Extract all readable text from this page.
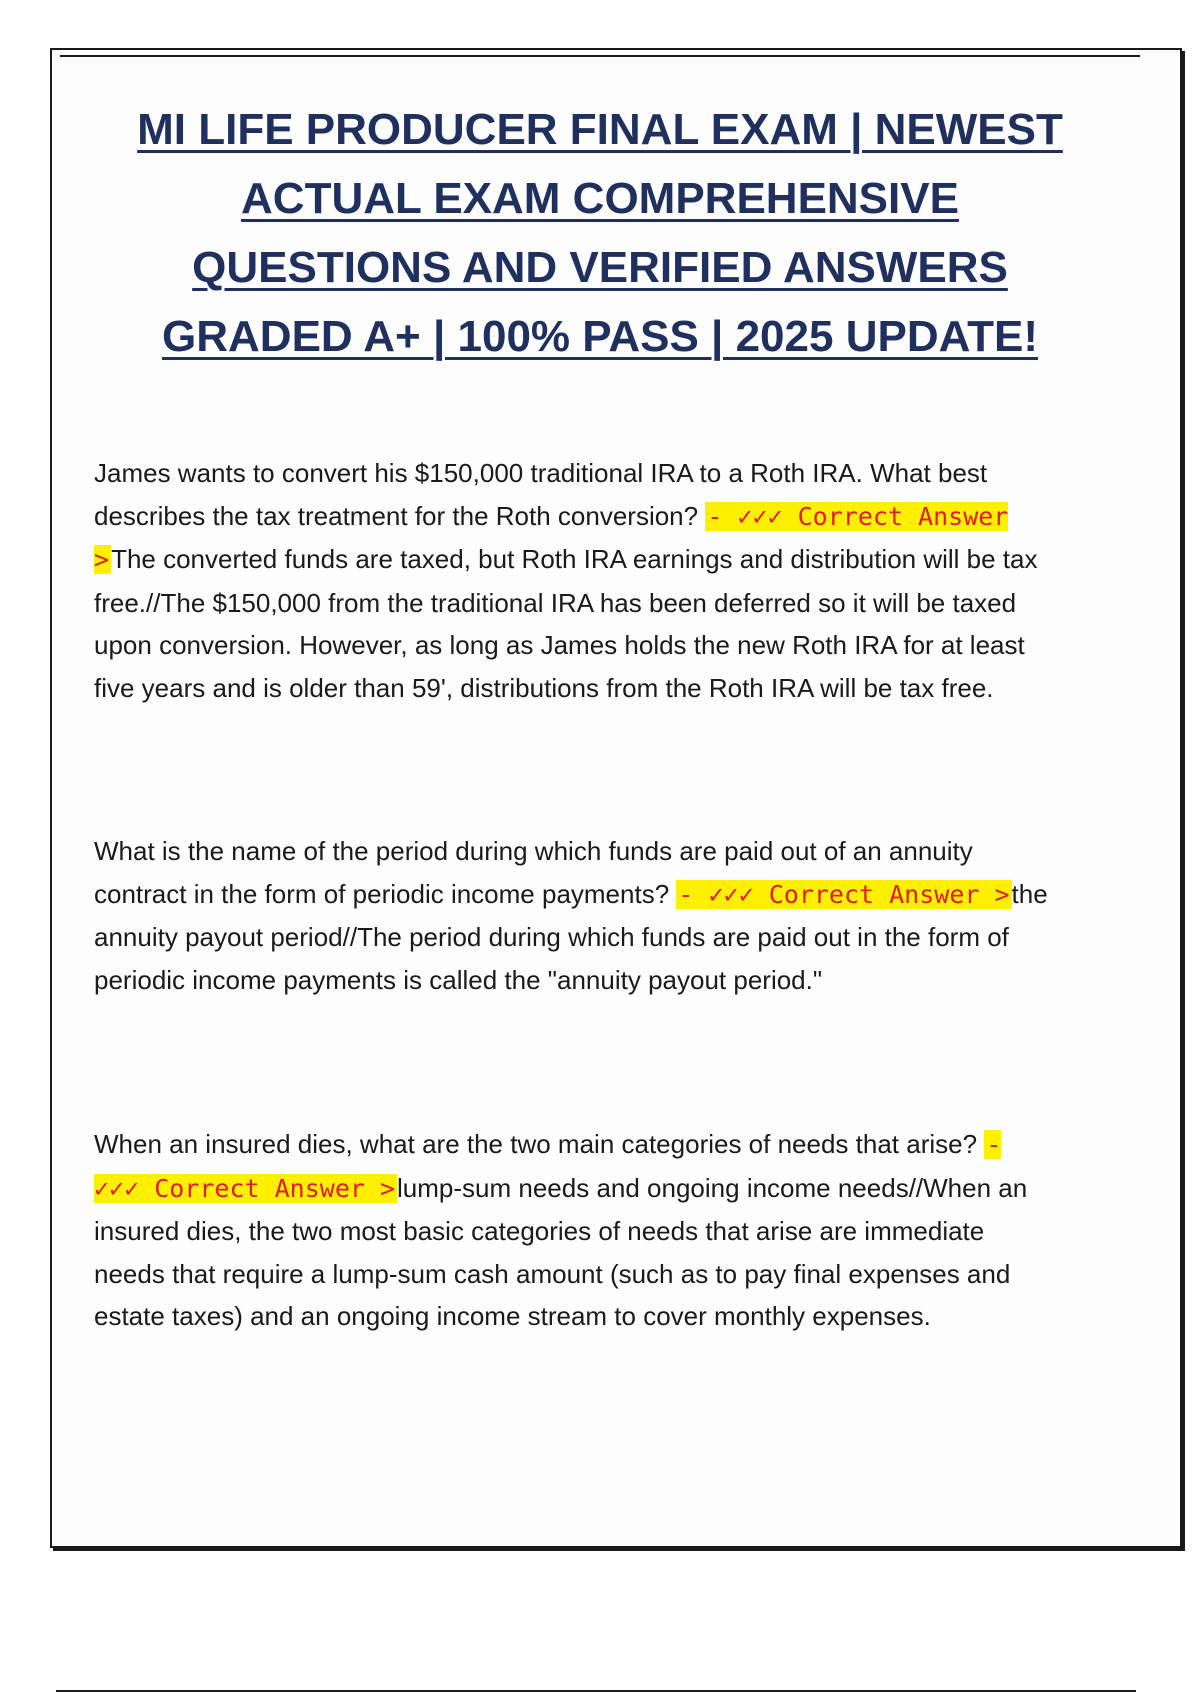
MI LIFE PRODUCER FINAL EXAM | NEWEST
ACTUAL EXAM COMPREHENSIVE
QUESTIONS AND VERIFIED ANSWERS
GRADED A+ | 100% PASS | 2025 UPDATE!

James wants to convert his $150,000 traditional IRA to a Roth IRA. What best describes the tax treatment for the Roth conversion? - ✓✓✓ Correct Answer >The converted funds are taxed, but Roth IRA earnings and distribution will be tax free.//The $150,000 from the traditional IRA has been deferred so it will be taxed upon conversion. However, as long as James holds the new Roth IRA for at least five years and is older than 59', distributions from the Roth IRA will be tax free.

What is the name of the period during which funds are paid out of an annuity contract in the form of periodic income payments? - ✓✓✓ Correct Answer >the annuity payout period//The period during which funds are paid out in the form of periodic income payments is called the "annuity payout period."

When an insured dies, what are the two main categories of needs that arise? - ✓✓✓ Correct Answer >lump-sum needs and ongoing income needs//When an insured dies, the two most basic categories of needs that arise are immediate needs that require a lump-sum cash amount (such as to pay final expenses and estate taxes) and an ongoing income stream to cover monthly expenses.
